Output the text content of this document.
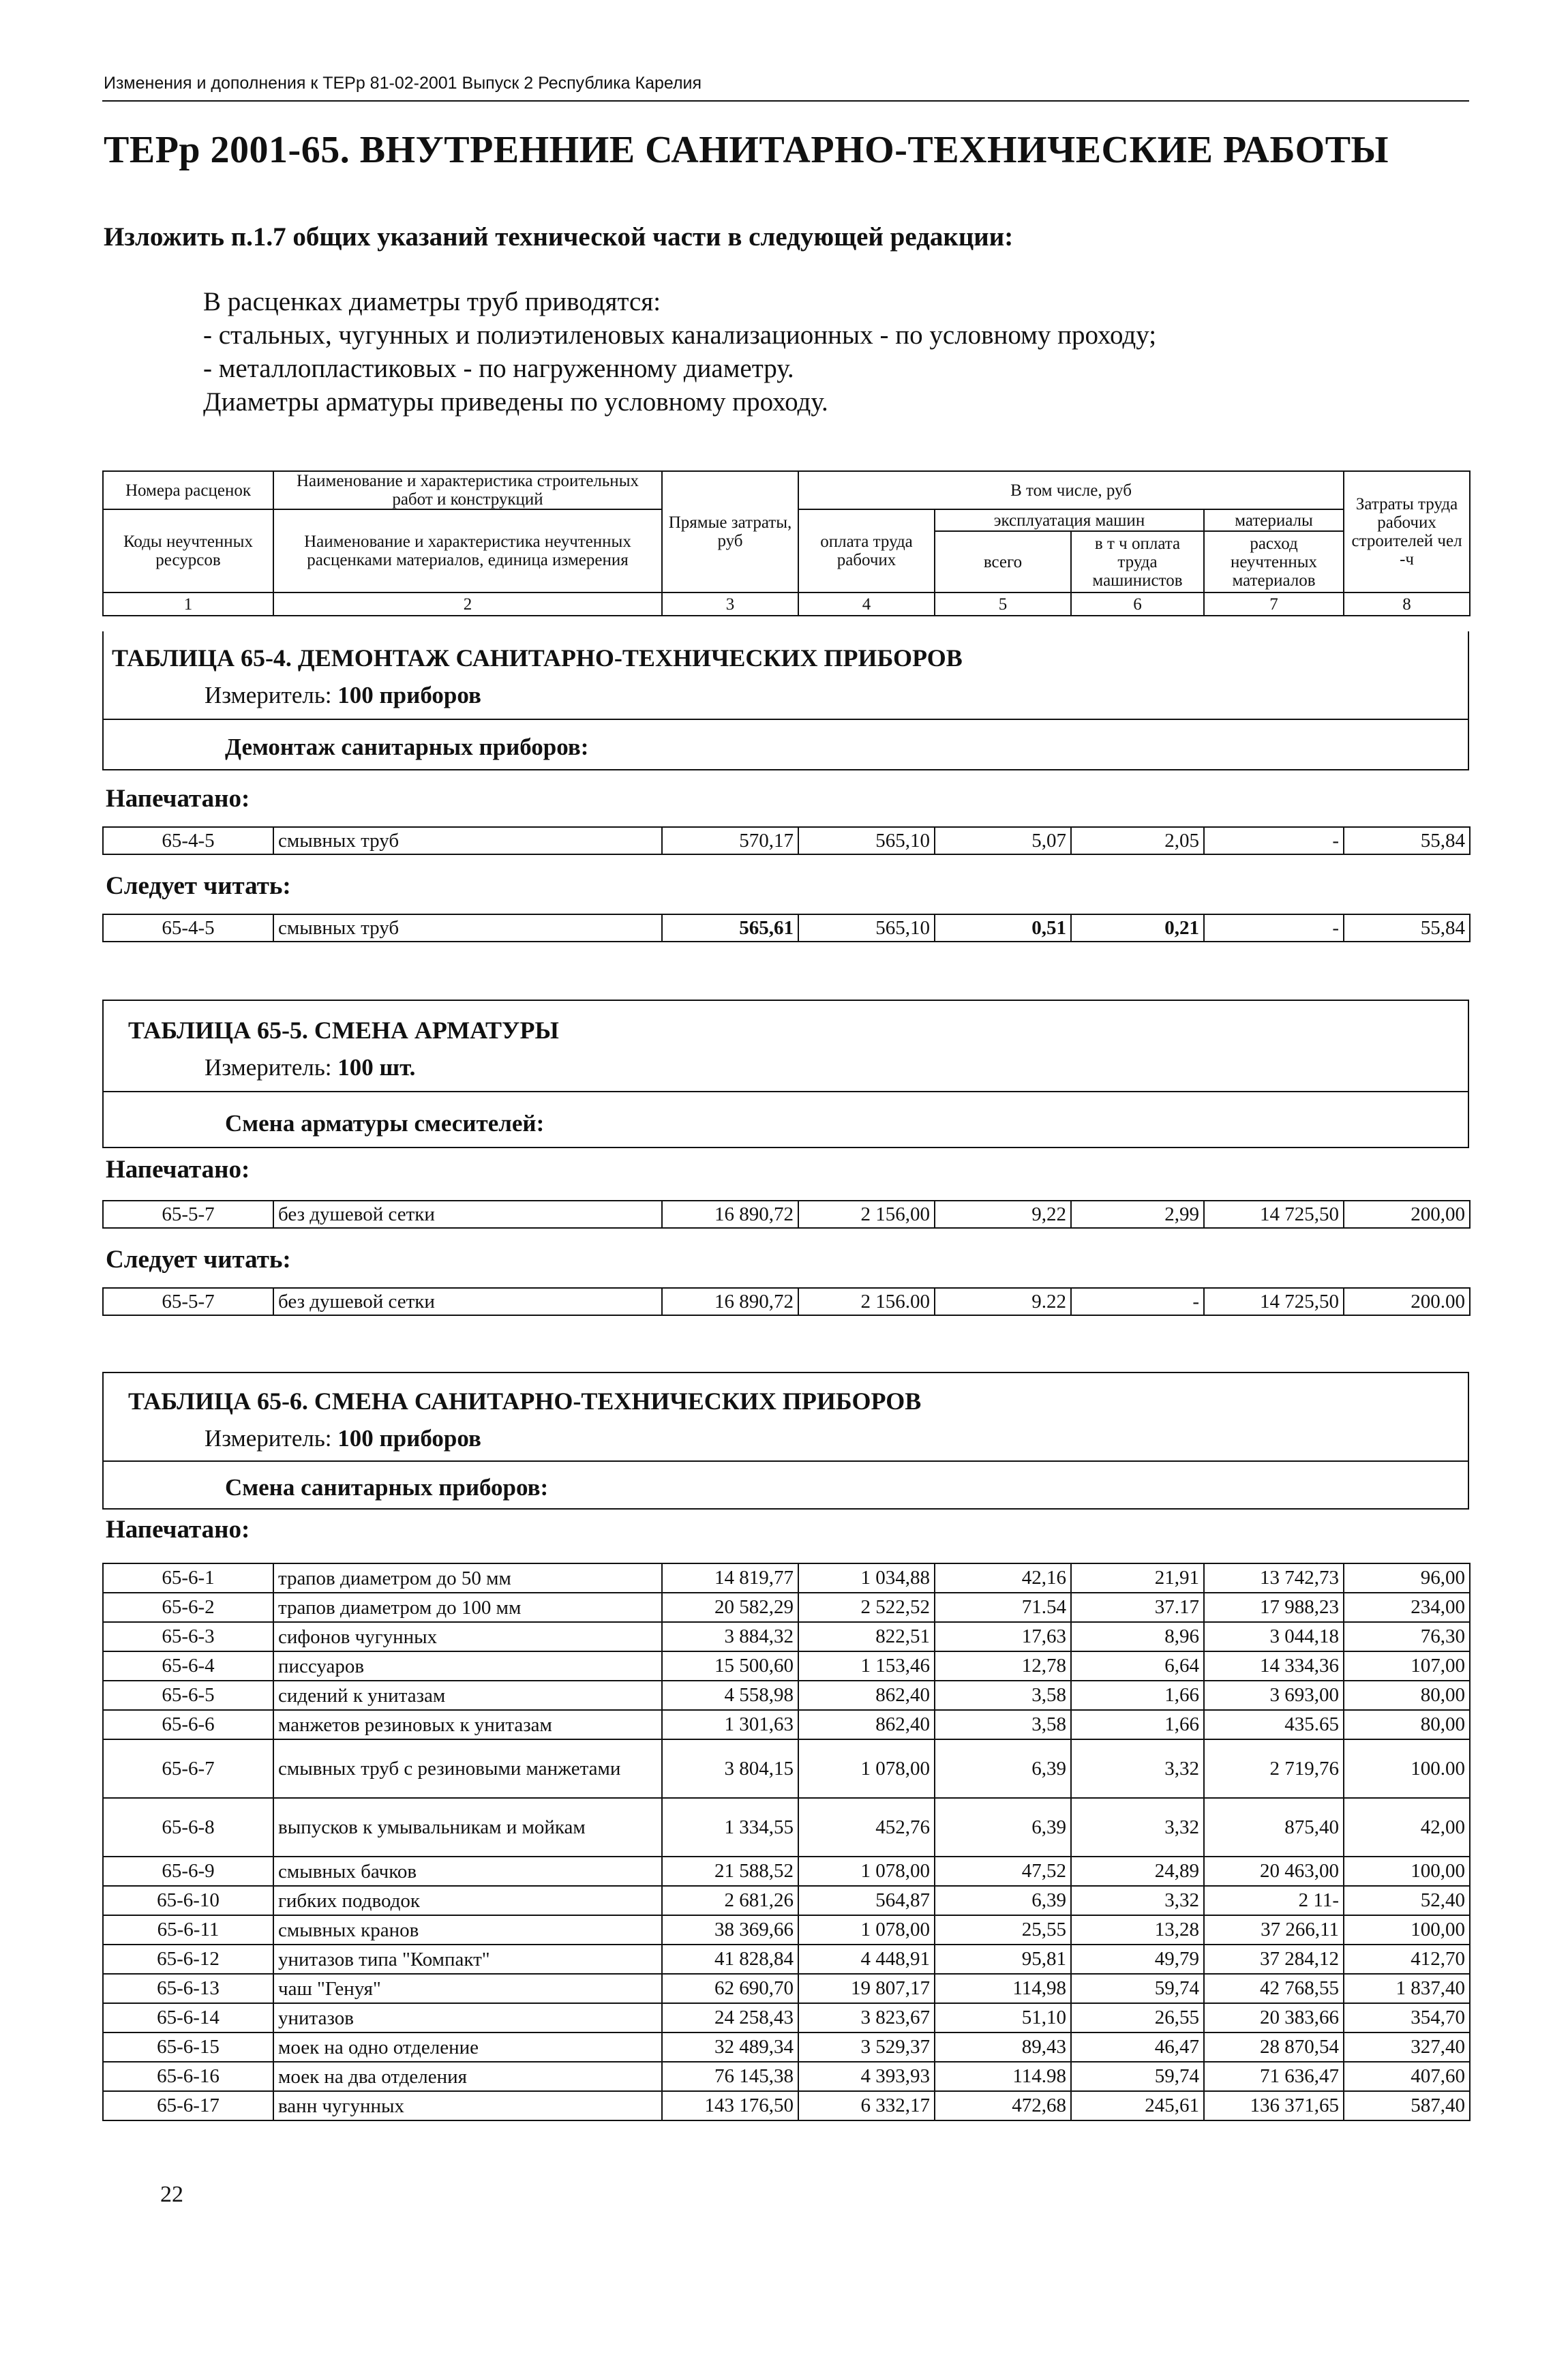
Изменения и дополнения к ТЕРр 81-02-2001 Выпуск 2 Республика Карелия
ТЕРр 2001-65. ВНУТРЕННИЕ САНИТАРНО-ТЕХНИЧЕСКИЕ РАБОТЫ
Изложить п.1.7 общих указаний технической части в следующей редакции:
В расценках диаметры труб приводятся:
- стальных, чугунных и полиэтиленовых канализационных - по условному проходу;
- металлопластиковых - по нагруженному диаметру.
Диаметры арматуры приведены по условному проходу.
Номера расценок	Наименование и характеристика строительных работ и конструкций	Прямые затраты, руб	В том числе, руб				Затраты труда рабочих строителей чел -ч
Коды неучтенных ресурсов	Наименование и характеристика неучтенных расценками материалов, единица измерения		оплата труда рабочих	эксплуатация машин		материалы	
				всего	в т ч оплата труда машинистов	расход неучтенных материалов	
1	2	3	4	5	6	7	8
ТАБЛИЦА 65-4. ДЕМОНТАЖ САНИТАРНО-ТЕХНИЧЕСКИХ ПРИБОРОВ
Измеритель: 100 приборов
Демонтаж санитарных приборов:
Напечатано:
65-4-5	смывных труб	570,17	565,10	5,07	2,05	-	55,84
Следует читать:
65-4-5	смывных труб	565,61	565,10	0,51	0,21	-	55,84
ТАБЛИЦА 65-5. СМЕНА АРМАТУРЫ
Измеритель: 100 шт.
Смена арматуры смесителей:
Напечатано:
65-5-7	без душевой сетки	16 890,72	2 156,00	9,22	2,99	14 725,50	200,00
Следует читать:
65-5-7	без душевой сетки	16 890,72	2 156.00	9.22	-	14 725,50	200.00
ТАБЛИЦА 65-6. СМЕНА САНИТАРНО-ТЕХНИЧЕСКИХ ПРИБОРОВ
Измеритель: 100 приборов
Смена санитарных приборов:
Напечатано:
65-6-1	трапов диаметром до 50 мм	14 819,77	1 034,88	42,16	21,91	13 742,73	96,00
65-6-2	трапов диаметром до 100 мм	20 582,29	2 522,52	71.54	37.17	17 988,23	234,00
65-6-3	сифонов чугунных	3 884,32	822,51	17,63	8,96	3 044,18	76,30
65-6-4	писсуаров	15 500,60	1 153,46	12,78	6,64	14 334,36	107,00
65-6-5	сидений к унитазам	4 558,98	862,40	3,58	1,66	3 693,00	80,00
65-6-6	манжетов резиновых к унитазам	1 301,63	862,40	3,58	1,66	435.65	80,00
65-6-7	смывных труб с резиновыми манжетами	3 804,15	1 078,00	6,39	3,32	2 719,76	100.00
65-6-8	выпусков к умывальникам и мойкам	1 334,55	452,76	6,39	3,32	875,40	42,00
65-6-9	смывных бачков	21 588,52	1 078,00	47,52	24,89	20 463,00	100,00
65-6-10	гибких подводок	2 681,26	564,87	6,39	3,32	2 11-	52,40
65-6-11	смывных кранов	38 369,66	1 078,00	25,55	13,28	37 266,11	100,00
65-6-12	унитазов типа "Компакт"	41 828,84	4 448,91	95,81	49,79	37 284,12	412,70
65-6-13	чаш "Генуя"	62 690,70	19 807,17	114,98	59,74	42 768,55	1 837,40
65-6-14	унитазов	24 258,43	3 823,67	51,10	26,55	20 383,66	354,70
65-6-15	моек на одно отделение	32 489,34	3 529,37	89,43	46,47	28 870,54	327,40
65-6-16	моек на два отделения	76 145,38	4 393,93	114.98	59,74	71 636,47	407,60
65-6-17	ванн чугунных	143 176,50	6 332,17	472,68	245,61	136 371,65	587,40
22
